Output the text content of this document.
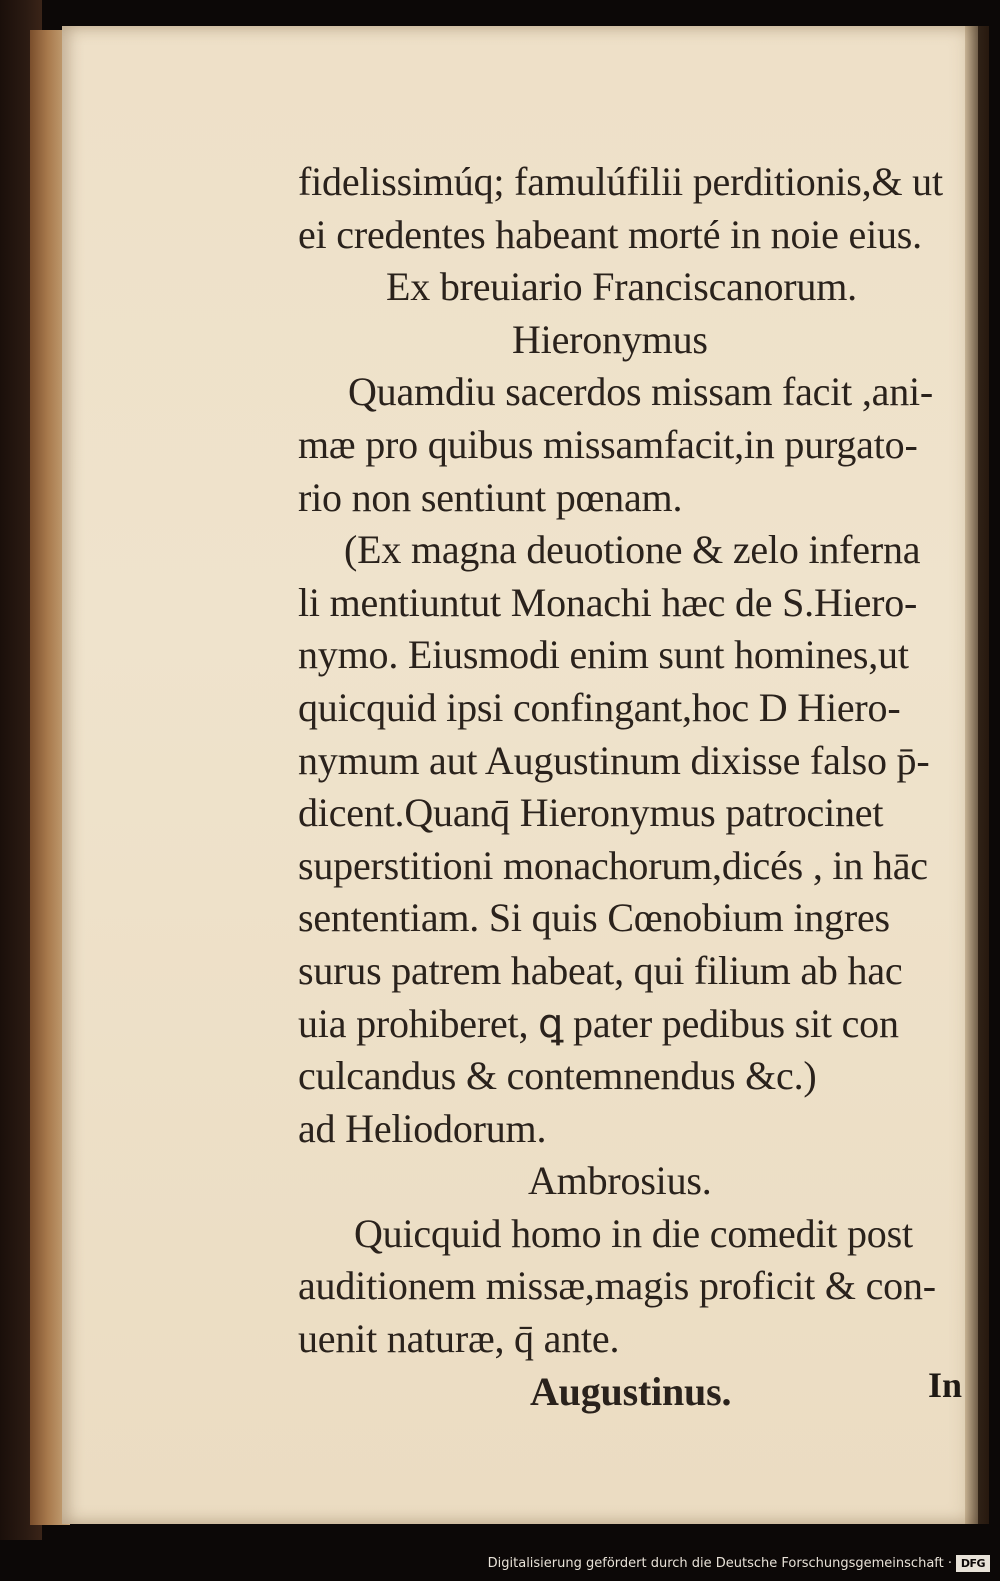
fidelissimúq; famulúfilii perditionis,& ut
ei credentes habeant morté in noie eius.
Ex breuiario Franciscanorum.
Hieronymus
Quamdiu sacerdos missam facit ,ani-
mæ pro quibus missamfacit,in purgato-
rio non sentiunt pœnam.
(Ex magna deuotione & zelo inferna
li mentiuntut Monachi hæc de S.Hiero-
nymo. Eiusmodi enim sunt homines,ut
quicquid ipsi confingant,hoc D Hiero-
nymum aut Augustinum dixisse falso p̄-
dicent.Quanq̄ Hieronymus patrocinet
superstitioni monachorum,dicés , in hāc
sententiam. Si quis Cœnobium ingres
surus patrem habeat, qui filium ab hac
uia prohiberet, ꝗ pater pedibus sit con
culcandus & contemnendus &c.)
ad Heliodorum.
Ambrosius.
Quicquid homo in die comedit post
auditionem missæ,magis proficit & con-
uenit naturæ, q̄ ante.
Augustinus.	In
Digitalisierung gefördert durch die Deutsche Forschungsgemeinschaft · DFG
